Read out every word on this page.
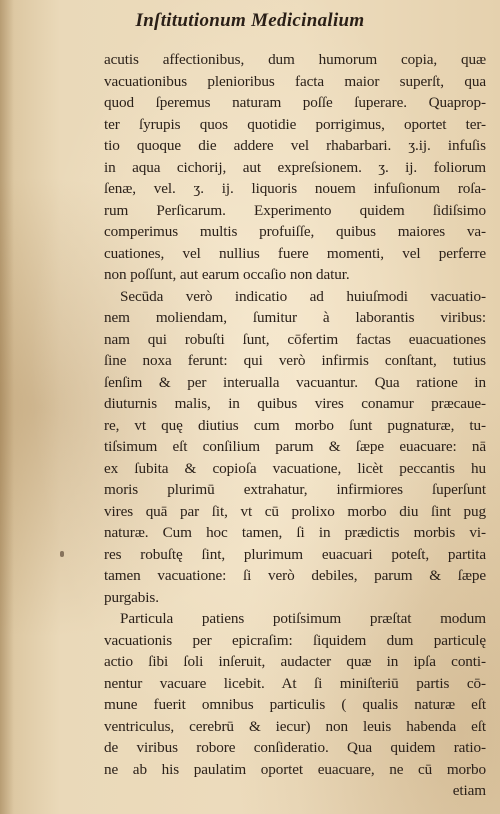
Inſtitutionum Medicinalium
acutis affectionibus, dum humorum copia, quæ
vacuationibus plenioribus facta maior superſt, qua
quod ſperemus naturam poſſe ſuperare. Quaprop-
ter ſyrupis quos quotidie porrigimus, oportet ter-
tio quoque die addere vel rhabarbari. ʒ.ij. infuſis
in aqua cichorij, aut expreſsionem. ʒ. ij. foliorum
ſenæ, vel. ʒ. ij. liquoris nouem infuſionum roſa-
rum Perſicarum. Experimento quidem ſidiſsimo
comperimus multis profuiſſe, quibus maiores va-
cuationes, vel nullius fuere momenti, vel perferre
non poſſunt, aut earum occaſio non datur.
Secūda verò indicatio ad huiuſmodi vacuatio-
nem moliendam, ſumitur à laborantis viribus:
nam qui robuſti ſunt, cōfertim factas euacuationes
ſine noxa ferunt: qui verò infirmis conſtant, tutius
ſenſim & per interualla vacuantur. Qua ratione in
diuturnis malis, in quibus vires conamur præcaue-
re, vt quę diutius cum morbo ſunt pugnaturæ, tu-
tiſsimum eſt conſilium parum & ſæpe euacuare: nā
ex ſubita & copioſa vacuatione, licèt peccantis hu
moris plurimū extrahatur, infirmiores ſuperſunt
vires quā par ſit, vt cū prolixo morbo diu ſint pug
naturæ. Cum hoc tamen, ſi in prædictis morbis vi-
res robuſtę ſint, plurimum euacuari poteſt, partita
tamen vacuatione: ſi verò debiles, parum & ſæpe
purgabis.
Particula patiens potiſsimum præſtat modum
vacuationis per epicraſim: ſiquidem dum particulę
actio ſibi ſoli inſeruit, audacter quæ in ipſa conti-
nentur vacuare licebit. At ſi miniſteriū partis cō-
mune fuerit omnibus particulis ( qualis naturæ eſt
ventriculus, cerebrū & iecur) non leuis habenda eſt
de viribus robore conſideratio. Qua quidem ratio-
ne ab his paulatim oportet euacuare, ne cū morbo
etiam
